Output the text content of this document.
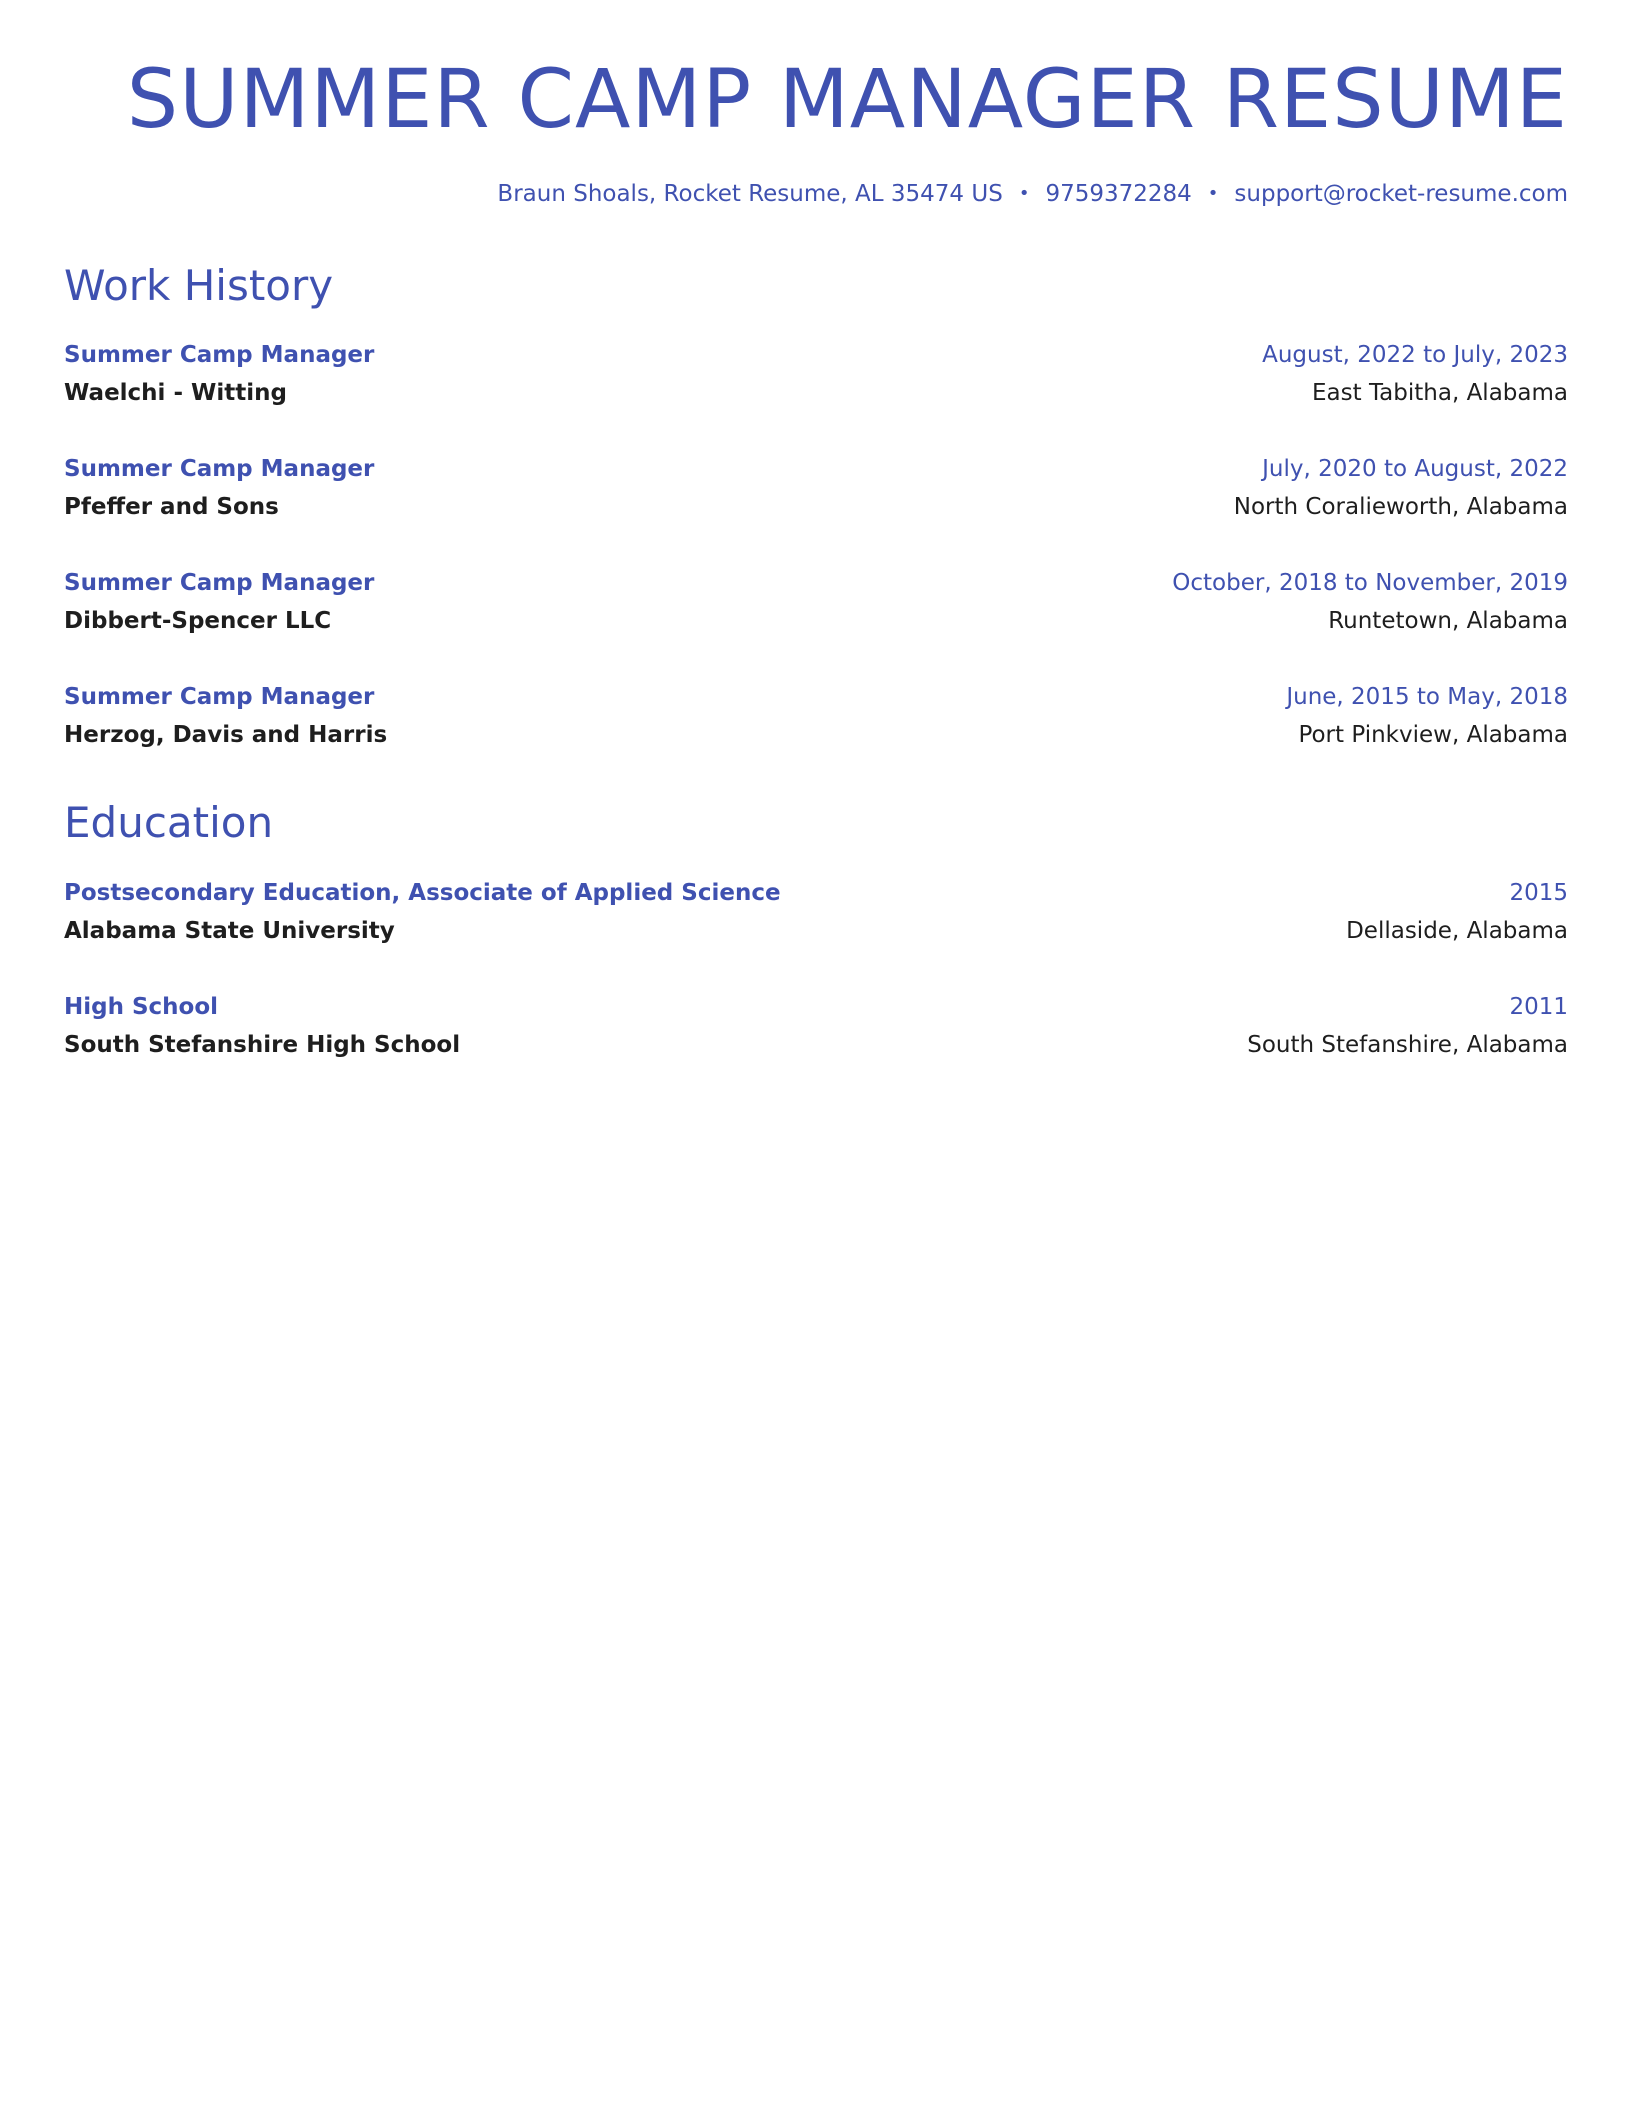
SUMMER CAMP MANAGER RESUME
Braun Shoals, Rocket Resume, AL 35474 US • 9759372284 • support@rocket-resume.com
Work History
Summer Camp Manager	August, 2022 to July, 2023
Waelchi - Witting	East Tabitha, Alabama
Summer Camp Manager	July, 2020 to August, 2022
Pfeffer and Sons	North Coralieworth, Alabama
Summer Camp Manager	October, 2018 to November, 2019
Dibbert-Spencer LLC	Runtetown, Alabama
Summer Camp Manager	June, 2015 to May, 2018
Herzog, Davis and Harris	Port Pinkview, Alabama
Education
Postsecondary Education, Associate of Applied Science	2015
Alabama State University	Dellaside, Alabama
High School	2011
South Stefanshire High School	South Stefanshire, Alabama
